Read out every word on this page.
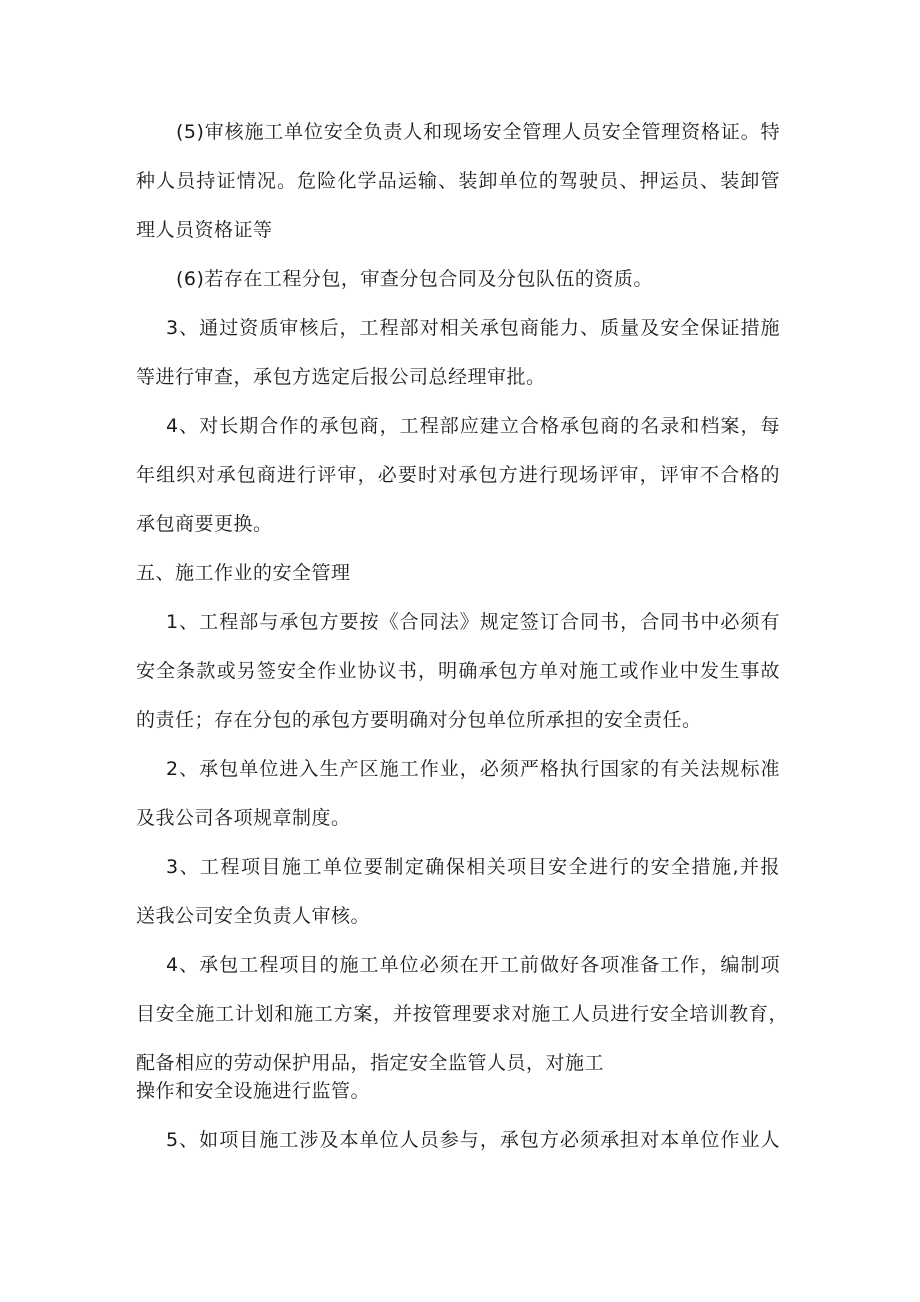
(5)审核施工单位安全负责人和现场安全管理人员安全管理资格证。特

种人员持证情况。危险化学品运输、装卸单位的驾驶员、押运员、装卸管

理人员资格证等

(6)若存在工程分包，审查分包合同及分包队伍的资质。

3、通过资质审核后，工程部对相关承包商能力、质量及安全保证措施

等进行审查，承包方选定后报公司总经理审批。

4、对长期合作的承包商，工程部应建立合格承包商的名录和档案，每

年组织对承包商进行评审，必要时对承包方进行现场评审，评审不合格的

承包商要更换。

五、施工作业的安全管理

1、工程部与承包方要按《合同法》规定签订合同书，合同书中必须有

安全条款或另签安全作业协议书，明确承包方单对施工或作业中发生事故

的责任；存在分包的承包方要明确对分包单位所承担的安全责任。

2、承包单位进入生产区施工作业，必须严格执行国家的有关法规标准

及我公司各项规章制度。

3、工程项目施工单位要制定确保相关项目安全进行的安全措施,并报

送我公司安全负责人审核。

4、承包工程项目的施工单位必须在开工前做好各项准备工作，编制项

目安全施工计划和施工方案，并按管理要求对施工人员进行安全培训教育，

配备相应的劳动保护用品，指定安全监管人员，对施工

操作和安全设施进行监管。

5、如项目施工涉及本单位人员参与，承包方必须承担对本单位作业人
